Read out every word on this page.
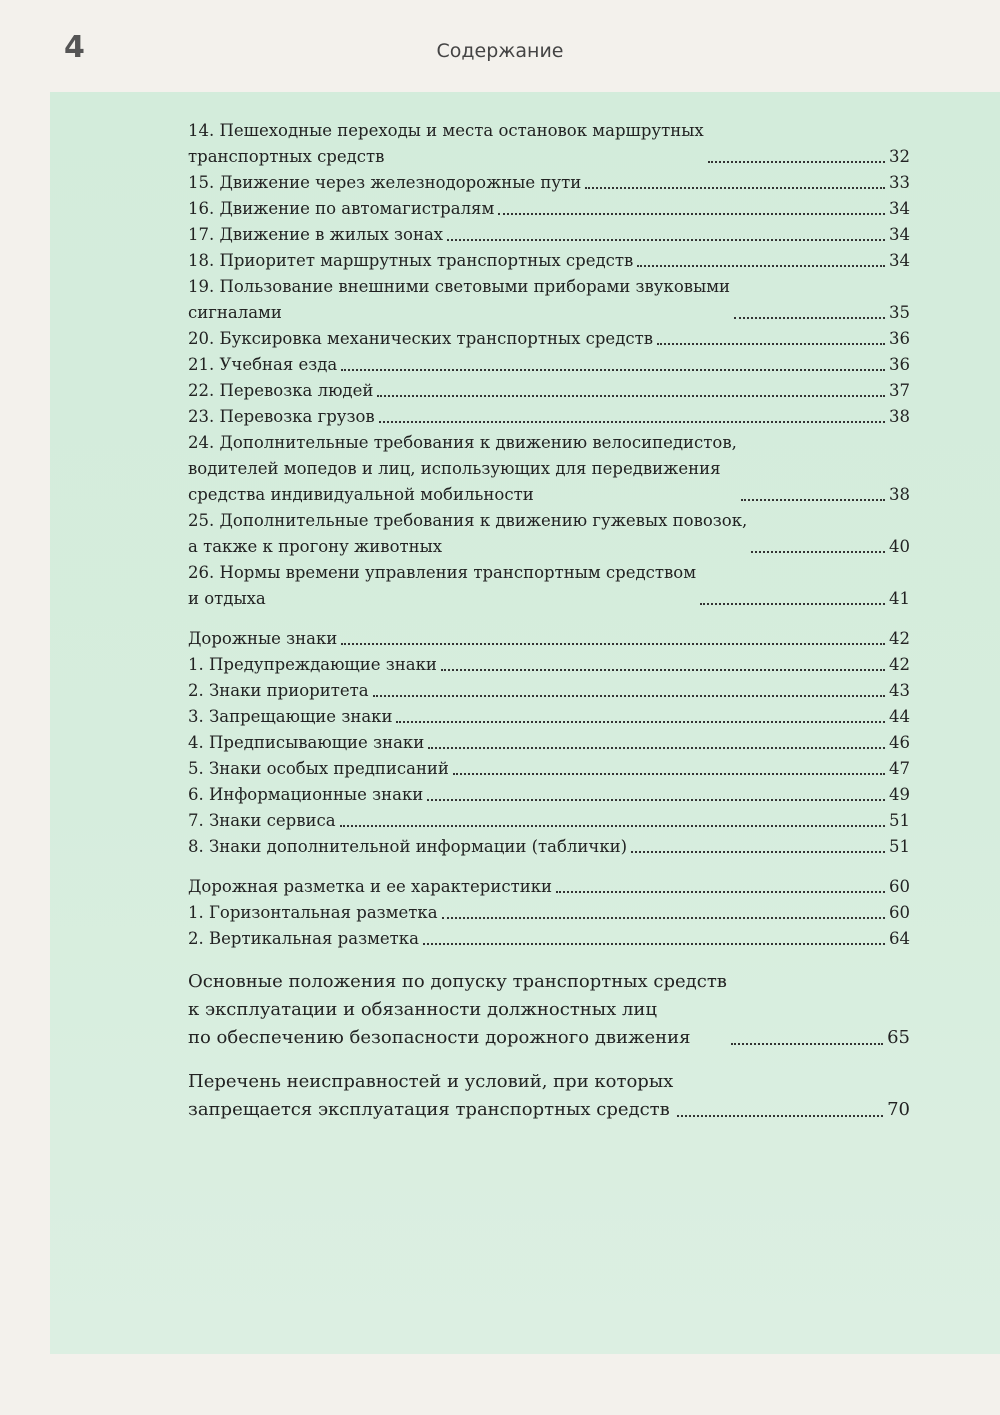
4	Содержание
14. Пешеходные переходы и места остановок маршрутных
транспортных средств	32
15. Движение через железнодорожные пути	33
16. Движение по автомагистралям	34
17. Движение в жилых зонах	34
18. Приоритет маршрутных транспортных средств	34
19. Пользование внешними световыми приборами звуковыми
сигналами	35
20. Буксировка механических транспортных средств	36
21. Учебная езда	36
22. Перевозка людей	37
23. Перевозка грузов	38
24. Дополнительные требования к движению велосипедистов,
водителей мопедов и лиц, использующих для передвижения
средства индивидуальной мобильности	38
25. Дополнительные требования к движению гужевых повозок,
а также к прогону животных	40
26. Нормы времени управления транспортным средством
и отдыха	41
Дорожные знаки	42
1. Предупреждающие знаки	42
2. Знаки приоритета	43
3. Запрещающие знаки	44
4. Предписывающие знаки	46
5. Знаки особых предписаний	47
6. Информационные знаки	49
7. Знаки сервиса	51
8. Знаки дополнительной информации (таблички)	51
Дорожная разметка и ее характеристики	60
1. Горизонтальная разметка	60
2. Вертикальная разметка	64
Основные положения по допуску транспортных средств
к эксплуатации и обязанности должностных лиц
по обеспечению безопасности дорожного движения	65
Перечень неисправностей и условий, при которых
запрещается эксплуатация транспортных средств	70
